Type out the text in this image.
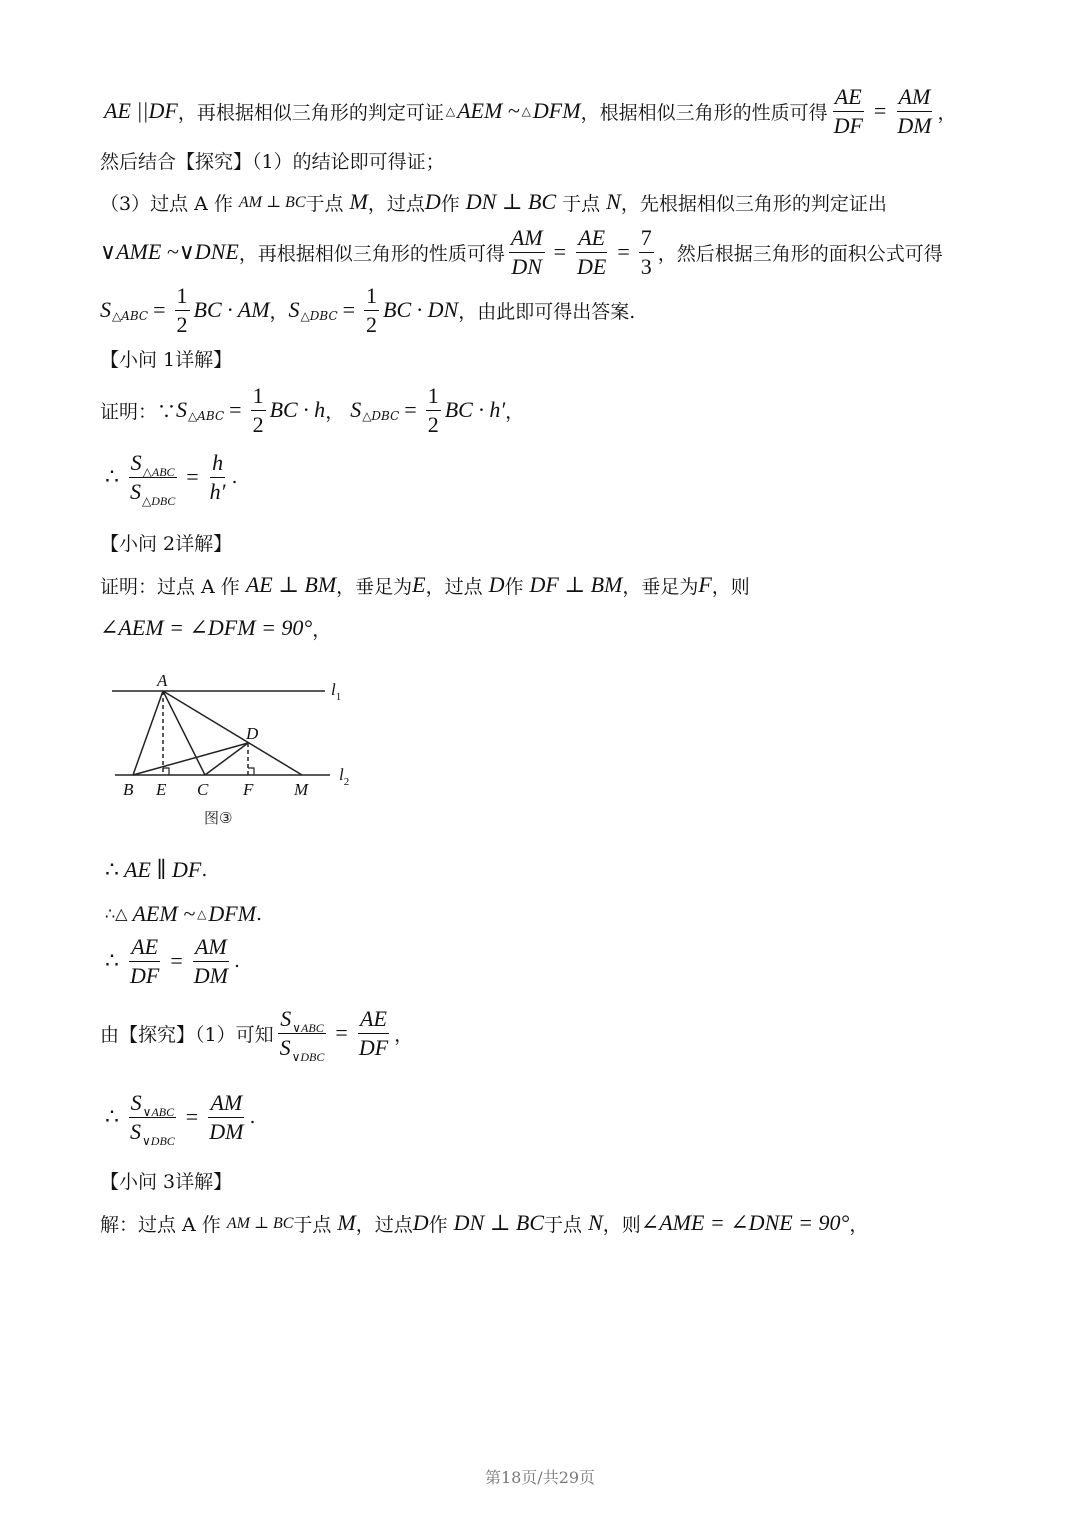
AE ||DF ，再根据相似三角形的判定可证 △ AEM ~ △ DFM ，根据相似三角形的性质可得 $\frac{AE}{DF} = \frac{AM}{DM}$ ，
然后结合【探究】（1）的结论即可得证；
（3）过点 A 作 AM ⊥ BC 于点 M ，过点 D 作 DN ⊥ BC 于点 N ，先根据相似三角形的判定证出
∨AME ~∨DNE ，再根据相似三角形的性质可得 $\frac{AM}{DN} = \frac{AE}{DE} = \frac{7}{3}$ ，然后根据三角形的面积公式可得
S △ABC = $\frac{1}{2}$ BC · AM ， S △DBC = $\frac{1}{2}$ BC · DN ，由此即可得出答案.
【小问 1详解】
证明：∵ S △ABC = $\frac{1}{2}$ BC · h ， S △DBC = $\frac{1}{2}$ BC · h′ ，
∴ $\frac{S_{\triangle ABC}}{S_{\triangle DBC}} = \frac{h}{h'}$ .
【小问 2详解】
证明：过点 A 作 AE ⊥ BM ，垂足为 E ，过点 D 作 DF ⊥ BM ，垂足为 F ，则
∠AEM = ∠DFM = 90° ，
A
D
B E C F M
$l_1$
$l_2$
图③
∴ AE ∥ DF .
∴△ AEM ~ △ DFM .
∴ $\frac{AE}{DF} = \frac{AM}{DM}$ .
由【探究】（1）可知 $\frac{S_{\vee ABC}}{S_{\vee DBC}} = \frac{AE}{DF}$ ，
∴ $\frac{S_{\vee ABC}}{S_{\vee DBC}} = \frac{AM}{DM}$ .
【小问 3详解】
解：过点 A 作 AM ⊥ BC 于点 M ，过点 D 作 DN ⊥ BC 于点 N ，则 ∠AME = ∠DNE = 90° ，
第18页/共29页
